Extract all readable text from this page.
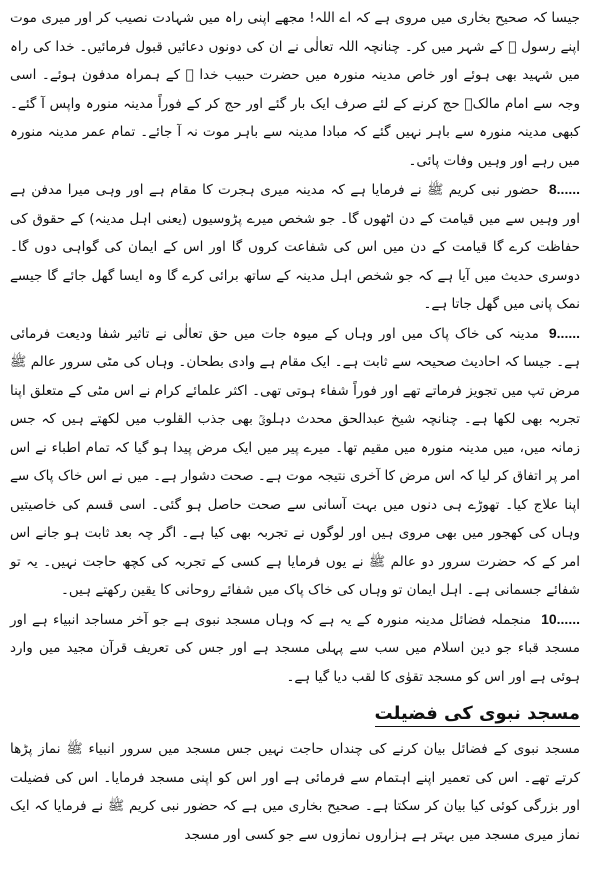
جیسا کہ صحیح بخاری میں مروی ہے کہ اے اللہ! مجھے اپنی راہ میں شہادت نصیب کر اور میری موت اپنے رسول ﷺ کے شہر میں کر۔ چنانچہ اللہ تعالٰی نے ان کی دونوں دعائیں قبول فرمائیں۔ خدا کی راہ میں شہید بھی ہوئے اور خاص مدینہ منورہ میں حضرت حبیب خدا ﷺ کے ہمراہ مدفون ہوئے۔ اسی وجہ سے امام مالکؒ حج کرنے کے لئے صرف ایک بار گئے اور حج کر کے فوراً مدینہ منورہ واپس آ گئے۔ کبھی مدینہ منورہ سے باہر نہیں گئے کہ مبادا مدینہ سے باہر موت نہ آ جائے۔ تمام عمر مدینہ منورہ میں رہے اور وہیں وفات پائی۔

8......حضور نبی کریم ﷺ نے فرمایا ہے کہ مدینہ میری ہجرت کا مقام ہے اور وہی میرا مدفن ہے اور وہیں سے میں قیامت کے دن اٹھوں گا۔ جو شخص میرے پڑوسیوں (یعنی اہل مدینہ) کے حقوق کی حفاظت کرے گا قیامت کے دن میں اس کی شفاعت کروں گا اور اس کے ایمان کی گواہی دوں گا۔ دوسری حدیث میں آیا ہے کہ جو شخص اہل مدینہ کے ساتھ برائی کرے گا وہ ایسا گھل جائے گا جیسے نمک پانی میں گھل جاتا ہے۔

9......مدینہ کی خاک پاک میں اور وہاں کے میوہ جات میں حق تعالٰی نے تاثیر شفا ودیعت فرمائی ہے۔ جیسا کہ احادیث صحیحہ سے ثابت ہے۔ ایک مقام ہے وادی بطحان۔ وہاں کی مٹی سرور عالم ﷺ مرض تپ میں تجویز فرماتے تھے اور فوراً شفاء ہوتی تھی۔ اکثر علمائے کرام نے اس مٹی کے متعلق اپنا تجربہ بھی لکھا ہے۔ چنانچہ شیخ عبدالحق محدث دہلویؒ بھی جذب القلوب میں لکھتے ہیں کہ جس زمانہ میں، میں مدینہ منورہ میں مقیم تھا۔ میرے پیر میں ایک مرض پیدا ہو گیا کہ تمام اطباء نے اس امر پر اتفاق کر لیا کہ اس مرض کا آخری نتیجہ موت ہے۔ صحت دشوار ہے۔ میں نے اس خاک پاک سے اپنا علاج کیا۔ تھوڑے ہی دنوں میں بہت آسانی سے صحت حاصل ہو گئی۔ اسی قسم کی خاصیتیں وہاں کی کھجور میں بھی مروی ہیں اور لوگوں نے تجربہ بھی کیا ہے۔ اگر چہ بعد ثابت ہو جانے اس امر کے کہ حضرت سرور دو عالم ﷺ نے یوں فرمایا ہے کسی کے تجربہ کی کچھ حاجت نہیں۔ یہ تو شفائے جسمانی ہے۔ اہل ایمان تو وہاں کی خاک پاک میں شفائے روحانی کا یقین رکھتے ہیں۔

10......منجملہ فضائل مدینہ منورہ کے یہ ہے کہ وہاں مسجد نبوی ہے جو آخر مساجد انبیاء ہے اور مسجد قباء جو دین اسلام میں سب سے پہلی مسجد ہے اور جس کی تعریف قرآن مجید میں وارد ہوئی ہے اور اس کو مسجد تقوٰی کا لقب دیا گیا ہے۔

مسجد نبوی کی فضیلت

مسجد نبوی کے فضائل بیان کرنے کی چنداں حاجت نہیں جس مسجد میں سرور انبیاء ﷺ نماز پڑھا کرتے تھے۔ اس کی تعمیر اپنے اہتمام سے فرمائی ہے اور اس کو اپنی مسجد فرمایا۔ اس کی فضیلت اور بزرگی کوئی کیا بیان کر سکتا ہے۔ صحیح بخاری میں ہے کہ حضور نبی کریم ﷺ نے فرمایا کہ ایک نماز میری مسجد میں بہتر ہے ہزاروں نمازوں سے جو کسی اور مسجد
